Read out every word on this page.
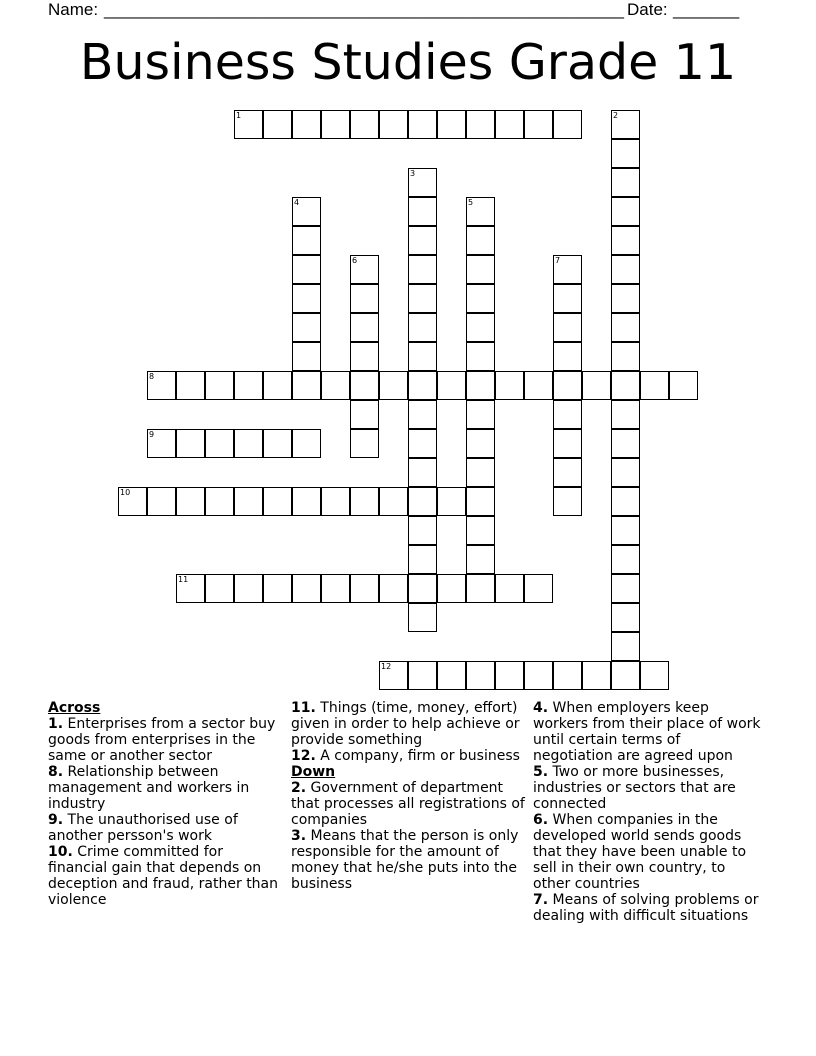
Name: _______________________________________________________ Date: _______
Business Studies Grade 11
1	2
3
4	5
6	7
8
9
10
11
12
Across
1. Enterprises from a sector buy goods from enterprises in the same or another sector
8. Relationship between management and workers in industry
9. The unauthorised use of another persson's work
10. Crime committed for financial gain that depends on deception and fraud, rather than violence
11. Things (time, money, effort) given in order to help achieve or provide something
12. A company, firm or business
Down
2. Government of department that processes all registrations of companies
3. Means that the person is only responsible for the amount of money that he/she puts into the business
4. When employers keep workers from their place of work until certain terms of negotiation are agreed upon
5. Two or more businesses, industries or sectors that are connected
6. When companies in the developed world sends goods that they have been unable to sell in their own country, to other countries
7. Means of solving problems or dealing with difficult situations
